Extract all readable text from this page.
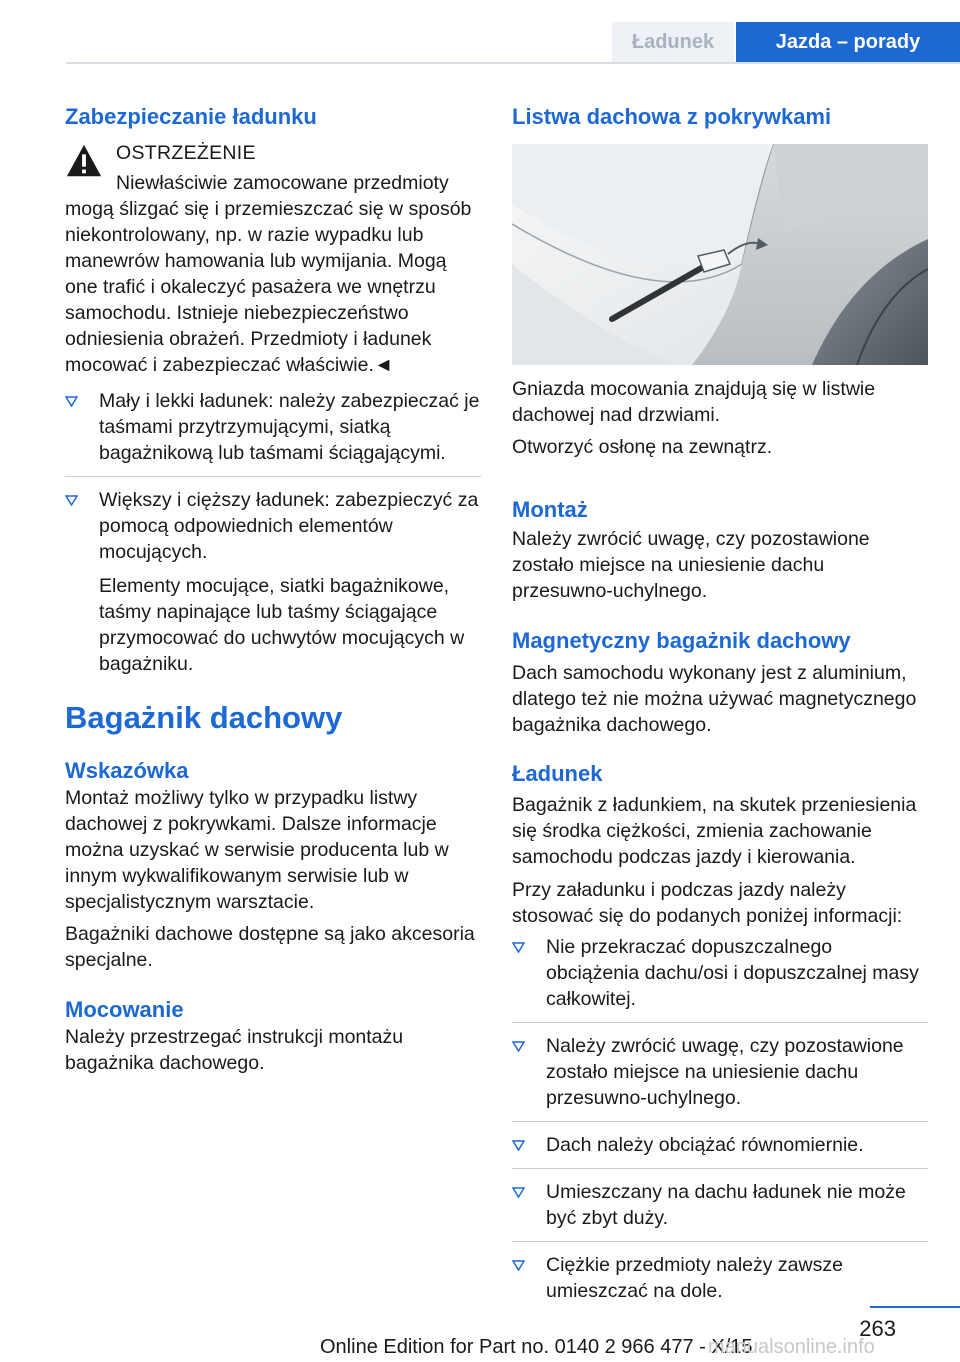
Ładunek	Jazda – porady
Zabezpieczanie ładunku
OSTRZEŻENIE
Niewłaściwie zamocowane przedmioty mogą ślizgać się i przemieszczać się w sposób niekontrolowany, np. w razie wypadku lub manewrów hamowania lub wymijania. Mogą one trafić i okaleczyć pasażera we wnętrzu samochodu. Istnieje niebezpieczeństwo odniesienia obrażeń. Przedmioty i ładunek mocować i zabezpieczać właściwie.◄
Mały i lekki ładunek: należy zabezpieczać je taśmami przytrzymującymi, siatką bagażnikową lub taśmami ściągającymi.
Większy i cięższy ładunek: zabezpieczyć za pomocą odpowiednich elementów mocujących.
Elementy mocujące, siatki bagażnikowe, taśmy napinające lub taśmy ściągające przymocować do uchwytów mocujących w bagażniku.
Bagażnik dachowy
Wskazówka
Montaż możliwy tylko w przypadku listwy dachowej z pokrywkami. Dalsze informacje można uzyskać w serwisie producenta lub w innym wykwalifikowanym serwisie lub w specjalistycznym warsztacie.
Bagażniki dachowe dostępne są jako akcesoria specjalne.
Mocowanie
Należy przestrzegać instrukcji montażu bagażnika dachowego.
Listwa dachowa z pokrywkami
Gniazda mocowania znajdują się w listwie dachowej nad drzwiami.
Otworzyć osłonę na zewnątrz.
Montaż
Należy zwrócić uwagę, czy pozostawione zostało miejsce na uniesienie dachu przesuwno-uchylnego.
Magnetyczny bagażnik dachowy
Dach samochodu wykonany jest z aluminium, dlatego też nie można używać magnetycznego bagażnika dachowego.
Ładunek
Bagażnik z ładunkiem, na skutek przeniesienia się środka ciężkości, zmienia zachowanie samochodu podczas jazdy i kierowania.
Przy załadunku i podczas jazdy należy stosować się do podanych poniżej informacji:
Nie przekraczać dopuszczalnego obciążenia dachu/osi i dopuszczalnej masy całkowitej.
Należy zwrócić uwagę, czy pozostawione zostało miejsce na uniesienie dachu przesuwno-uchylnego.
Dach należy obciążać równomiernie.
Umieszczany na dachu ładunek nie może być zbyt duży.
Ciężkie przedmioty należy zawsze umieszczać na dole.
263
Online Edition for Part no. 0140 2 966 477 - X/15
manualsonline.info
